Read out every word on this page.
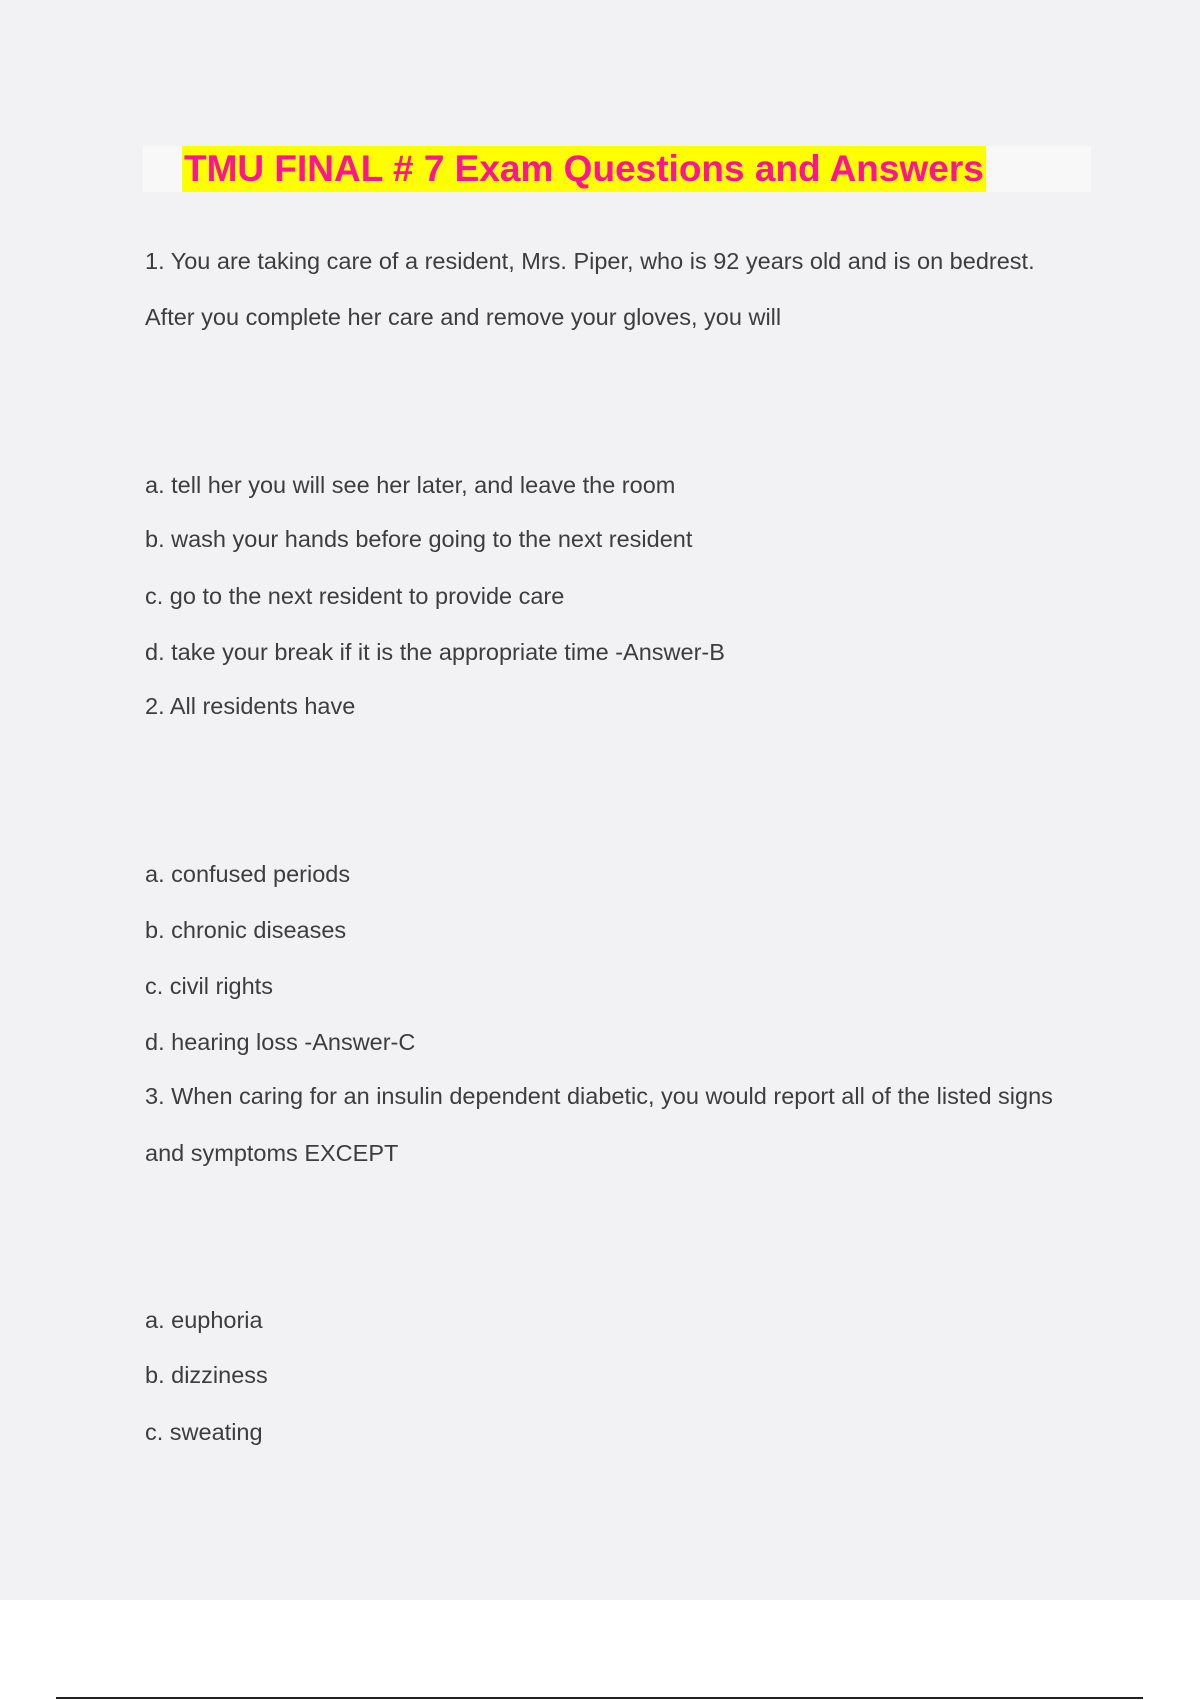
TMU FINAL # 7 Exam Questions and Answers

1. You are taking care of a resident, Mrs. Piper, who is 92 years old and is on bedrest.

After you complete her care and remove your gloves, you will

a. tell her you will see her later, and leave the room

b. wash your hands before going to the next resident

c. go to the next resident to provide care

d. take your break if it is the appropriate time -Answer-B

2. All residents have

a. confused periods

b. chronic diseases

c. civil rights

d. hearing loss -Answer-C

3. When caring for an insulin dependent diabetic, you would report all of the listed signs

and symptoms EXCEPT

a. euphoria

b. dizziness

c. sweating
